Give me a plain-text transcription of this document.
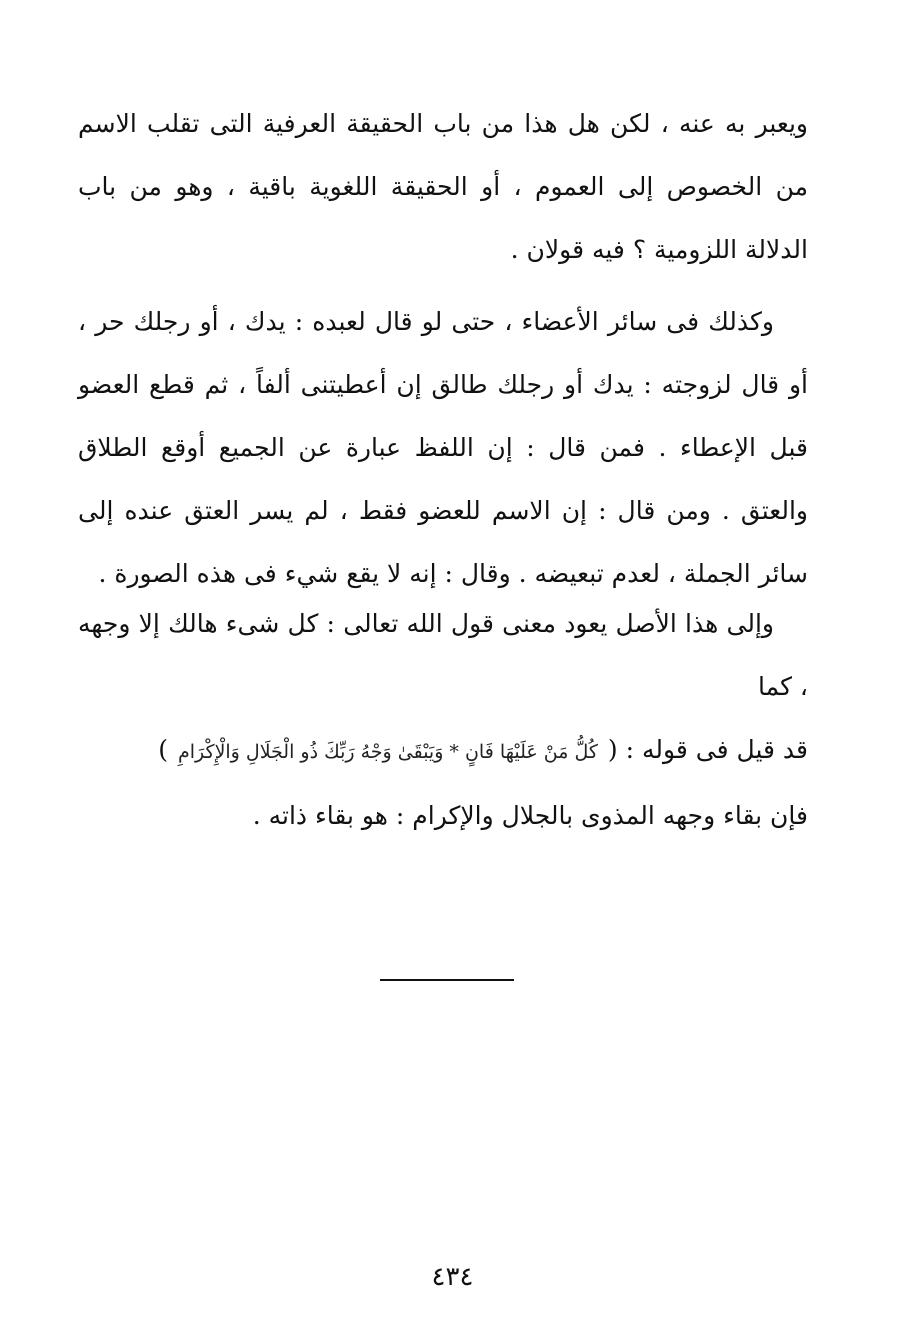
ويعبر به عنه ، لكن هل هذا من باب الحقيقة العرفية التى تقلب الاسم من الخصوص إلى العموم ، أو الحقيقة اللغوية باقية ، وهو من باب الدلالة اللزومية ؟ فيه قولان .

وكذلك فى سائر الأعضاء ، حتى لو قال لعبده : يدك ، أو رجلك حر ، أو قال لزوجته : يدك أو رجلك طالق إن أعطيتنى ألفاً ، ثم قطع العضو قبل الإعطاء . فمن قال : إن اللفظ عبارة عن الجميع أوقع الطلاق والعتق . ومن قال : إن الاسم للعضو فقط ، لم يسر العتق عنده إلى سائر الجملة ، لعدم تبعيضه . وقال : إنه لا يقع شيء فى هذه الصورة .

وإلى هذا الأصل يعود معنى قول الله تعالى : كل شىء هالك إلا وجهه ، كما
قد قيل فى قوله : (كُلُّ مَنْ عَلَيْهَا فَانٍ * وَيَبْقَىٰ وَجْهُ رَبِّكَ ذُو الْجَلَالِ وَالْإِكْرَامِ)
فإن بقاء وجهه المذوى بالجلال والإكرام : هو بقاء ذاته .
٤٣٤
